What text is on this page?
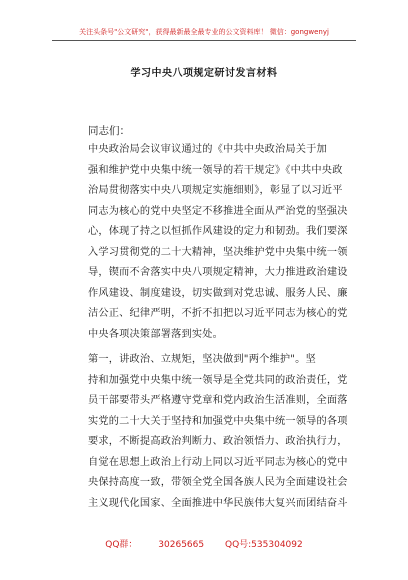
关注头条号"公文研究"，获得最新最全最专业的公文资料库！ 微信：gongwenyj
学习中央八项规定研讨发言材料
同志们：
中央政治局会议审议通过的《中共中央政治局关于加
强和维护党中央集中统一领导的若干规定》《中共中央政
治局贯彻落实中央八项规定实施细则》，彰显了以习近平
同志为核心的党中央坚定不移推进全面从严治党的坚强决
心，体现了持之以恒抓作风建设的定力和韧劲。我们要深
入学习贯彻党的二十大精神，坚决维护党中央集中统一领
导，锲而不舍落实中央八项规定精神，大力推进政治建设
作风建设、制度建设，切实做到对党忠诚、服务人民、廉
洁公正、纪律严明，不折不扣把以习近平同志为核心的党
中央各项决策部署落到实处。
第一，讲政治、立规矩，坚决做到"两个维护"。坚
持和加强党中央集中统一领导是全党共同的政治责任，党
员干部要带头严格遵守党章和党内政治生活准则，全面落
实党的二十大关于坚持和加强党中央集中统一领导的各项
要求，不断提高政治判断力、政治领悟力、政治执行力，
自觉在思想上政治上行动上同以习近平同志为核心的党中
央保持高度一致，带领全党全国各族人民为全面建设社会
主义现代化国家、全面推进中华民族伟大复兴而团结奋斗
QQ群： 30265665 QQ号:535304092
